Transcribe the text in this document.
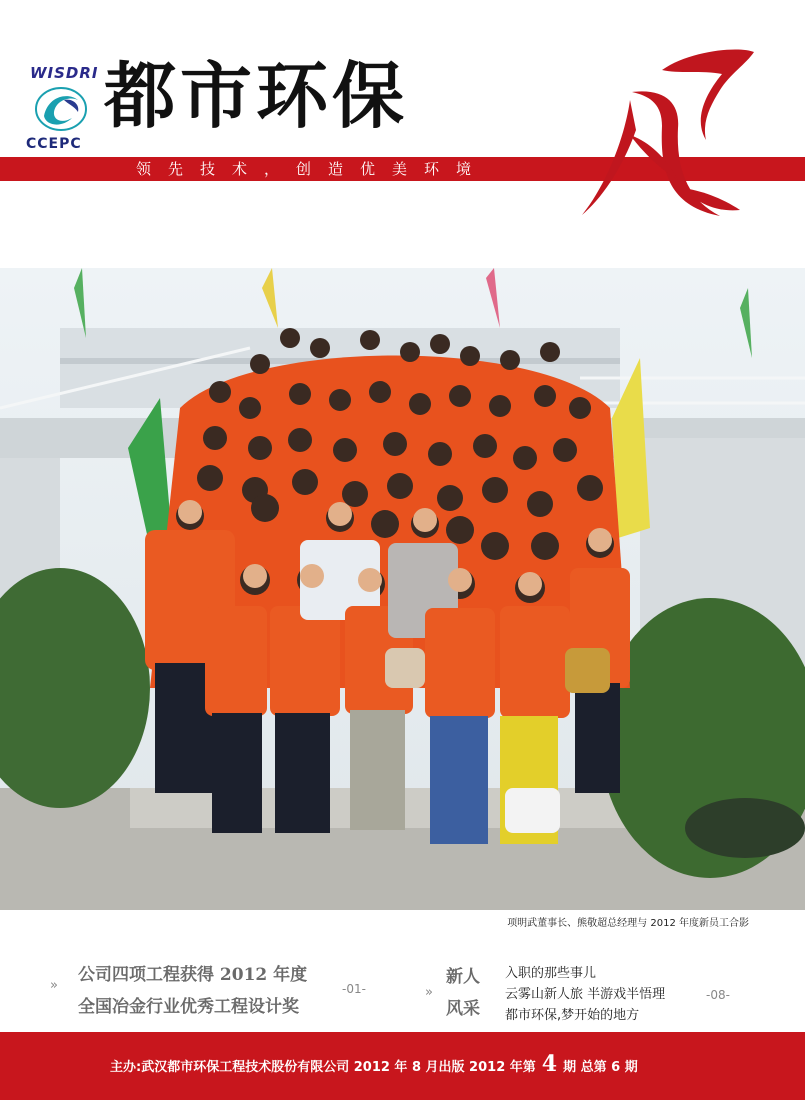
WISDRI
CCEPC
都市环保
领先技术，创造优美环境
项明武董事长、熊敬超总经理与 2012 年度新员工合影
»
公司四项工程获得 2012 年度
全国冶金行业优秀工程设计奖
-01-	»
新人
风采
入职的那些事儿
云雾山新人旅 半游戏半悟理
都市环保,梦开始的地方
-08-
主办:武汉都市环保工程技术股份有限公司 2012 年 8 月出版 2012 年第 4 期 总第 6 期
